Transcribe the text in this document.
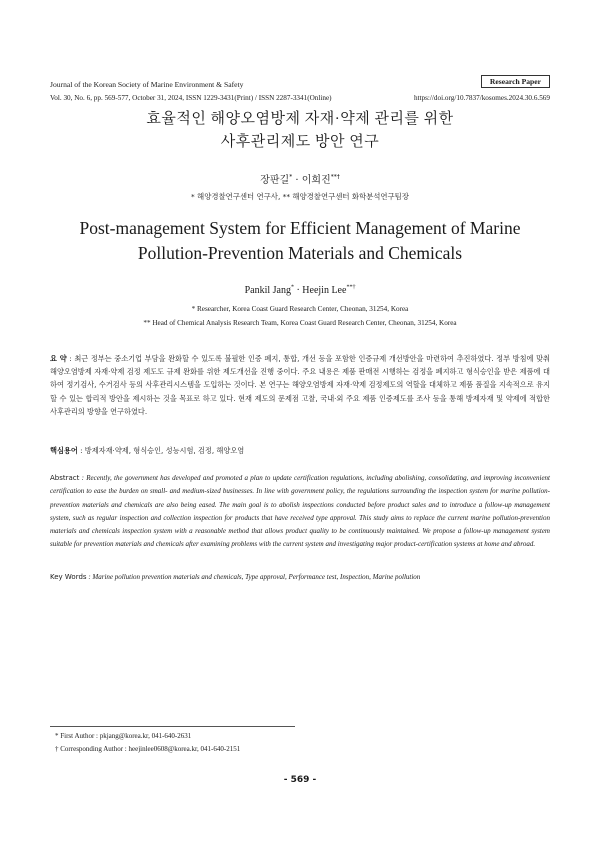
Journal of the Korean Society of Marine Environment & Safety	Research Paper
Vol. 30, No. 6, pp. 569-577, October 31, 2024, ISSN 1229-3431(Print) / ISSN 2287-3341(Online)	https://doi.org/10.7837/kosomes.2024.30.6.569
효율적인 해양오염방제 자재·약제 관리를 위한
사후관리제도 방안 연구
장판길* · 이희진**†
* 해양경찰연구센터 연구사, ** 해양경찰연구센터 화학분석연구팀장
Post-management System for Efficient Management of Marine
Pollution-Prevention Materials and Chemicals
Pankil Jang* · Heejin Lee**†
* Researcher, Korea Coast Guard Research Center, Cheonan, 31254, Korea
** Head of Chemical Analysis Research Team, Korea Coast Guard Research Center, Cheonan, 31254, Korea

요 약 : 최근 정부는 중소기업 부담을 완화할 수 있도록 불필한 인증 폐지, 통합, 개선 등을 포함한 인증규제 개선방안을 마련하여 추진하였다. 정부 방침에 맞춰 해양오염방제 자재·약제 검정 제도도 규제 완화를 위한 제도개선을 진행 중이다. 주요 내용은 제품 판매전 시행하는 검정을 폐지하고 형식승인을 받은 제품에 대하여 정기검사, 수거검사 등의 사후관리시스템을 도입하는 것이다. 본 연구는 해양오염방제 자재·약제 검정제도의 역할을 대체하고 제품 품질을 지속적으로 유지할 수 있는 합리적 방안을 제시하는 것을 목표로 하고 있다. 현재 제도의 문제점 고찰, 국내·외 주요 제품 인증제도를 조사 등을 통해 방제자재 및 약제에 적합한 사후관리의 방향을 연구하였다.

핵심용어 : 방제자재·약제, 형식승인, 성능시험, 검정, 해양오염

Abstract : Recently, the government has developed and promoted a plan to update certification regulations, including abolishing, consolidating, and improving inconvenient certification to ease the burden on small- and medium-sized businesses. In line with government policy, the regulations surrounding the inspection system for marine pollution-prevention materials and chemicals are also being eased. The main goal is to abolish inspections conducted before product sales and to introduce a follow-up management system, such as regular inspection and collection inspection for products that have received type approval. This study aims to replace the current marine pollution-prevention materials and chemicals inspection system with a reasonable method that allows product quality to be continuously maintained. We propose a follow-up management system suitable for prevention materials and chemicals after examining problems with the current system and investigating major product-certification systems at home and abroad.

Key Words : Marine pollution prevention materials and chemicals, Type approval, Performance test, Inspection, Marine pollution

* First Author : pkjang@korea.kr, 041-640-2631
† Corresponding Author : heejinlee0608@korea.kr, 041-640-2151
- 569 -
